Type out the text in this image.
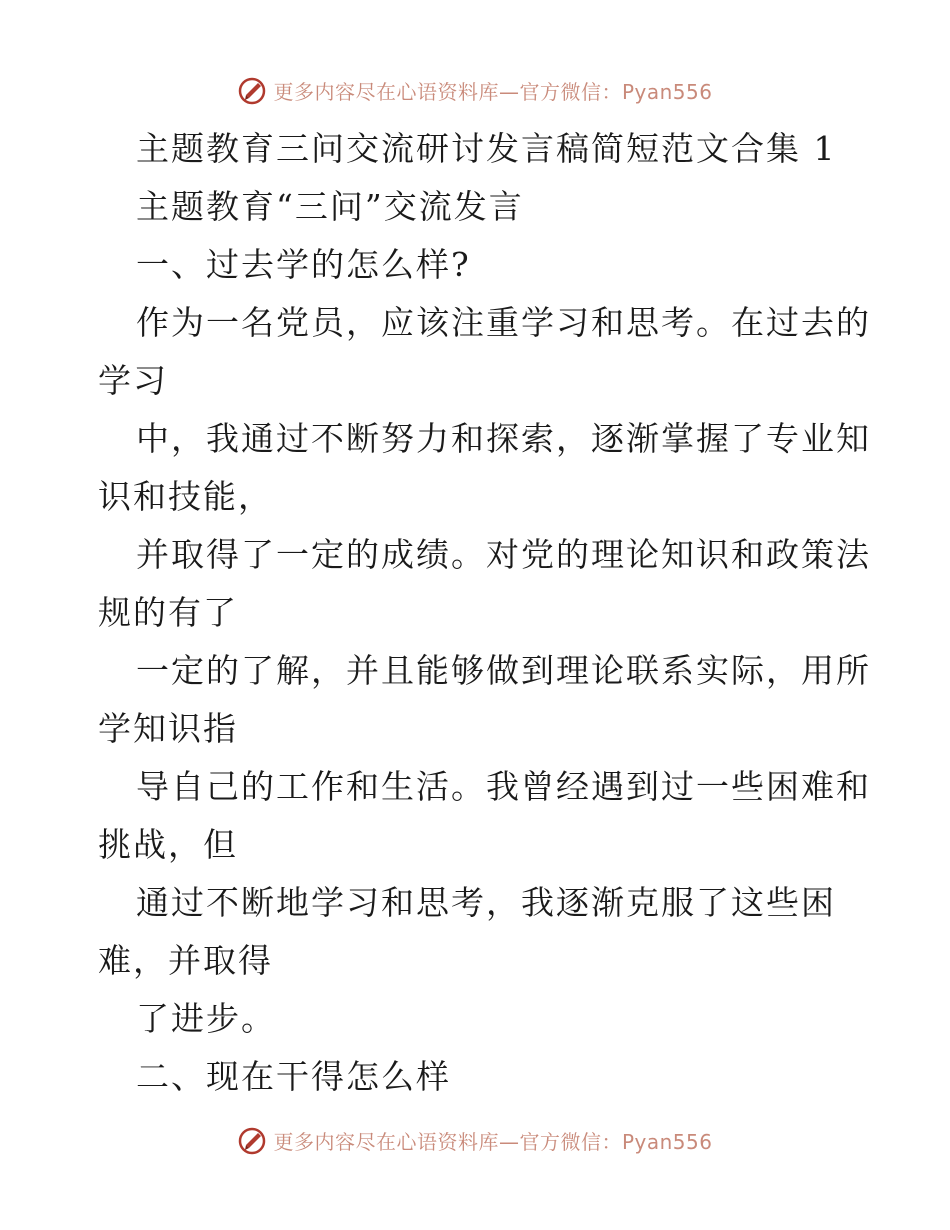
更多内容尽在心语资料库—官方微信：Pyan556
主题教育三问交流研讨发言稿简短范文合集 1
主题教育“三问”交流发言
一、过去学的怎么样?
作为一名党员，应该注重学习和思考。在过去的
学习
中，我通过不断努力和探索，逐渐掌握了专业知
识和技能，
并取得了一定的成绩。对党的理论知识和政策法
规的有了
一定的了解，并且能够做到理论联系实际，用所
学知识指
导自己的工作和生活。我曾经遇到过一些困难和
挑战，但
通过不断地学习和思考，我逐渐克服了这些困
难，并取得
了进步。
二、现在干得怎么样
更多内容尽在心语资料库—官方微信：Pyan556
